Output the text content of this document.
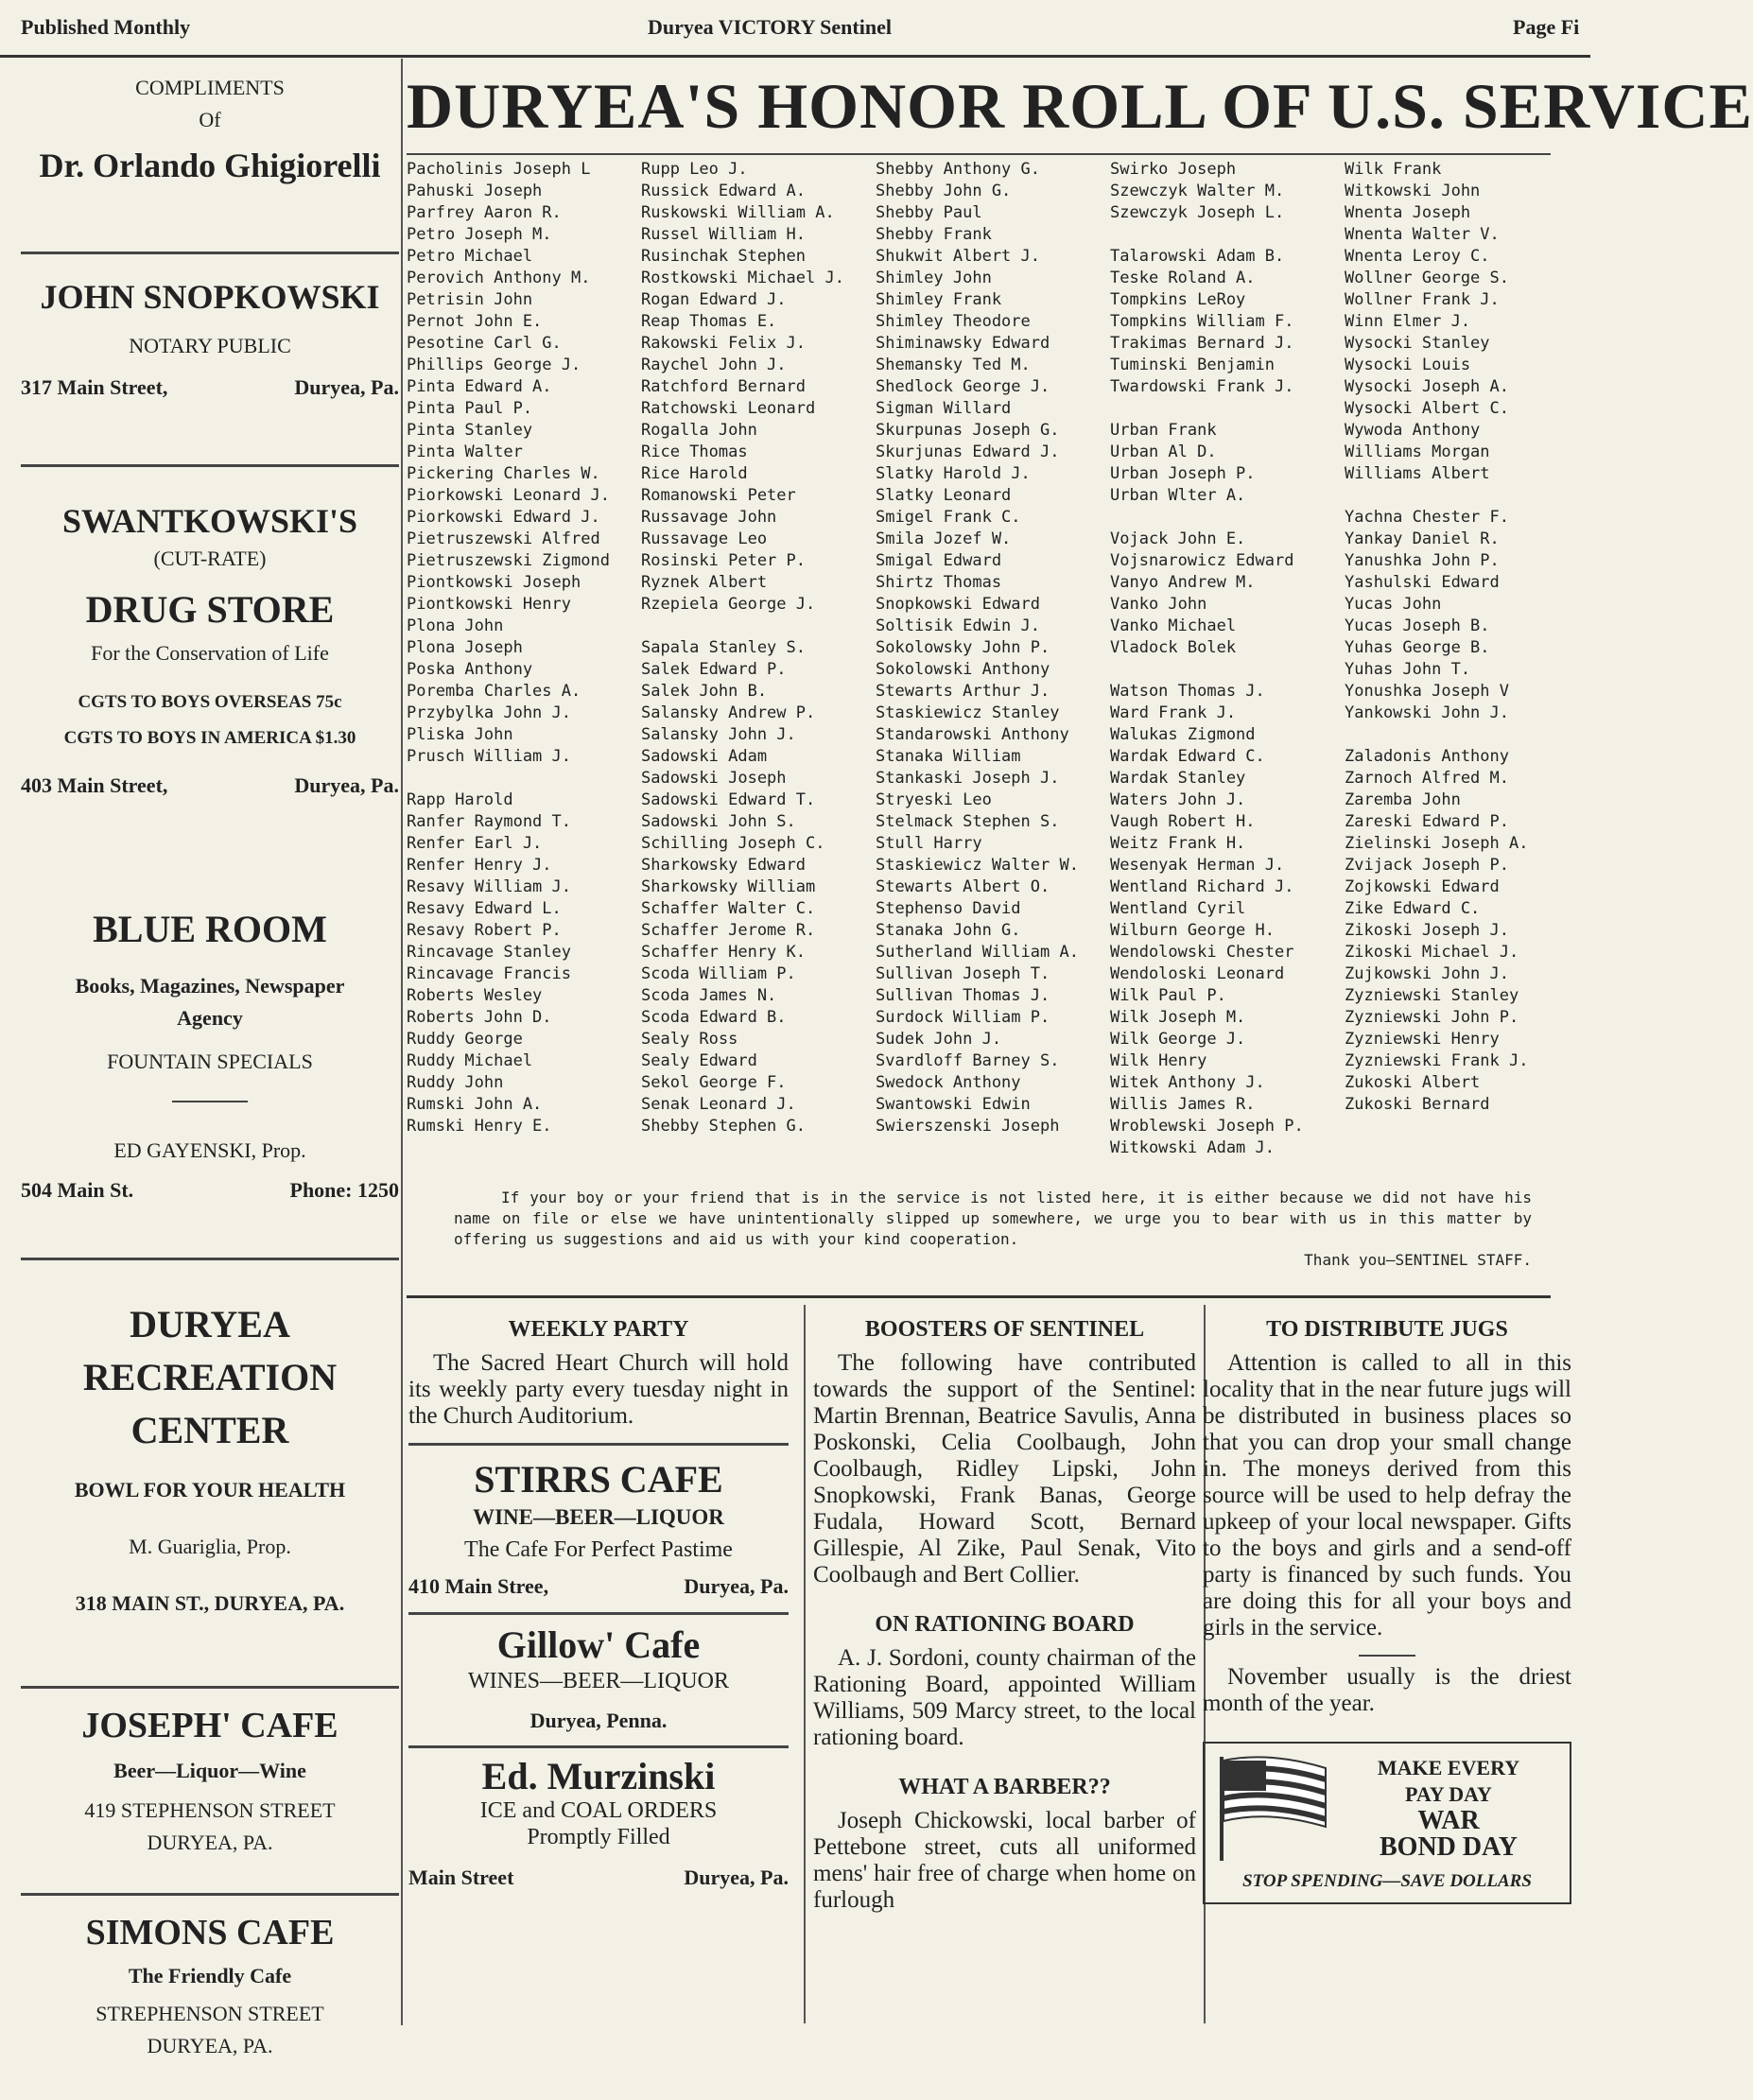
Published Monthly	Duryea VICTORY Sentinel	Page Fi
COMPLIMENTS
Of
Dr. Orlando Ghigiorelli
JOHN SNOPKOWSKI
NOTARY PUBLIC
317 Main Street,	Duryea, Pa.
SWANTKOWSKI'S
(CUT-RATE)
DRUG STORE
For the Conservation of Life
CGTS TO BOYS OVERSEAS 75c
CGTS TO BOYS IN AMERICA $1.30
403 Main Street,	Duryea, Pa.
BLUE ROOM
Books, Magazines, Newspaper
Agency
FOUNTAIN SPECIALS
ED GAYENSKI, Prop.
504 Main St.	Phone: 1250
DURYEA
RECREATION
CENTER
BOWL FOR YOUR HEALTH
M. Guariglia, Prop.
318 MAIN ST., DURYEA, PA.
JOSEPH' CAFE
Beer—Liquor—Wine
419 STEPHENSON STREET
DURYEA, PA.
SIMONS CAFE
The Friendly Cafe
STREPHENSON STREET
DURYEA, PA.
DURYEA'S HONOR ROLL OF U.S. SERVICE
Pacholinis Joseph L
Pahuski Joseph
Parfrey Aaron R.
Petro Joseph M.
Petro Michael
Perovich Anthony M.
Petrisin John
Pernot John E.
Pesotine Carl G.
Phillips George J.
Pinta Edward A.
Pinta Paul P.
Pinta Stanley
Pinta Walter
Pickering Charles W.
Piorkowski Leonard J.
Piorkowski Edward J.
Pietruszewski Alfred
Pietruszewski Zigmond
Piontkowski Joseph
Piontkowski Henry
Plona John
Plona Joseph
Poska Anthony
Poremba Charles A.
Przybylka John J.
Pliska John
Prusch William J.
Rapp Harold
Ranfer Raymond T.
Renfer Earl J.
Renfer Henry J.
Resavy William J.
Resavy Edward L.
Resavy Robert P.
Rincavage Stanley
Rincavage Francis
Roberts Wesley
Roberts John D.
Ruddy George
Ruddy Michael
Ruddy John
Rumski John A.
Rumski Henry E.
Rupp Leo J.
Russick Edward A.
Ruskowski William A.
Russel William H.
Rusinchak Stephen
Rostkowski Michael J.
Rogan Edward J.
Reap Thomas E.
Rakowski Felix J.
Raychel John J.
Ratchford Bernard
Ratchowski Leonard
Rogalla John
Rice Thomas
Rice Harold
Romanowski Peter
Russavage John
Russavage Leo
Rosinski Peter P.
Ryznek Albert
Rzepiela George J.
Sapala Stanley S.
Salek Edward P.
Salek John B.
Salansky Andrew P.
Salansky John J.
Sadowski Adam
Sadowski Joseph
Sadowski Edward T.
Sadowski John S.
Schilling Joseph C.
Sharkowsky Edward
Sharkowsky William
Schaffer Walter C.
Schaffer Jerome R.
Schaffer Henry K.
Scoda William P.
Scoda James N.
Scoda Edward B.
Sealy Ross
Sealy Edward
Sekol George F.
Senak Leonard J.
Shebby Stephen G.
Shebby Anthony G.
Shebby John G.
Shebby Paul
Shebby Frank
Shukwit Albert J.
Shimley John
Shimley Frank
Shimley Theodore
Shiminawsky Edward
Shemansky Ted M.
Shedlock George J.
Sigman Willard
Skurpunas Joseph G.
Skurjunas Edward J.
Slatky Harold J.
Slatky Leonard
Smigel Frank C.
Smila Jozef W.
Smigal Edward
Shirtz Thomas
Snopkowski Edward
Soltisik Edwin J.
Sokolowsky John P.
Sokolowski Anthony
Stewarts Arthur J.
Staskiewicz Stanley
Standarowski Anthony
Stanaka William
Stankaski Joseph J.
Stryeski Leo
Stelmack Stephen S.
Stull Harry
Staskiewicz Walter W.
Stewarts Albert O.
Stephenso David
Stanaka John G.
Sutherland William A.
Sullivan Joseph T.
Sullivan Thomas J.
Surdock William P.
Sudek John J.
Svardloff Barney S.
Swedock Anthony
Swantowski Edwin
Swierszenski Joseph
Swirko Joseph
Szewczyk Walter M.
Szewczyk Joseph L.
Talarowski Adam B.
Teske Roland A.
Tompkins LeRoy
Tompkins William F.
Trakimas Bernard J.
Tuminski Benjamin
Twardowski Frank J.
Urban Frank
Urban Al D.
Urban Joseph P.
Urban Wlter A.
Vojack John E.
Vojsnarowicz Edward
Vanyo Andrew M.
Vanko John
Vanko Michael
Vladock Bolek
Watson Thomas J.
Ward Frank J.
Walukas Zigmond
Wardak Edward C.
Wardak Stanley
Waters John J.
Vaugh Robert H.
Weitz Frank H.
Wesenyak Herman J.
Wentland Richard J.
Wentland Cyril
Wilburn George H.
Wendolowski Chester
Wendoloski Leonard
Wilk Paul P.
Wilk Joseph M.
Wilk George J.
Wilk Henry
Witek Anthony J.
Willis James R.
Wroblewski Joseph P.
Witkowski Adam J.
Wilk Frank
Witkowski John
Wnenta Joseph
Wnenta Walter V.
Wnenta Leroy C.
Wollner George S.
Wollner Frank J.
Winn Elmer J.
Wysocki Stanley
Wysocki Louis
Wysocki Joseph A.
Wysocki Albert C.
Wywoda Anthony
Williams Morgan
Williams Albert
Yachna Chester F.
Yankay Daniel R.
Yanushka John P.
Yashulski Edward
Yucas John
Yucas Joseph B.
Yuhas George B.
Yuhas John T.
Yonushka Joseph V
Yankowski John J.
Zaladonis Anthony
Zarnoch Alfred M.
Zaremba John
Zareski Edward P.
Zielinski Joseph A.
Zvijack Joseph P.
Zojkowski Edward
Zike Edward C.
Zikoski Joseph J.
Zikoski Michael J.
Zujkowski John J.
Zyzniewski Stanley
Zyzniewski John P.
Zyzniewski Henry
Zyzniewski Frank J.
Zukoski Albert
Zukoski Bernard
If your boy or your friend that is in the service is not listed here, it is either because we did not have his name on file or else we have unintentionally slipped up somewhere, we urge you to bear with us in this matter by offering us suggestions and aid us with your kind cooperation.
Thank you—SENTINEL STAFF.
WEEKLY PARTY
The Sacred Heart Church will hold its weekly party every tuesday night in the Church Auditorium.
STIRRS CAFE
WINE—BEER—LIQUOR
The Cafe For Perfect Pastime
410 Main Stree,	Duryea, Pa.
Gillow' Cafe
WINES—BEER—LIQUOR
Duryea, Penna.
Ed. Murzinski
ICE and COAL ORDERS
Promptly Filled
Main Street	Duryea, Pa.
BOOSTERS OF SENTINEL
The following have contributed towards the support of the Sentinel: Martin Brennan, Beatrice Savulis, Anna Poskonski, Celia Coolbaugh, John Coolbaugh, Ridley Lipski, John Snopkowski, Frank Banas, George Fudala, Howard Scott, Bernard Gillespie, Al Zike, Paul Senak, Vito Coolbaugh and Bert Collier.
ON RATIONING BOARD
A. J. Sordoni, county chairman of the Rationing Board, appointed William Williams, 509 Marcy street, to the local rationing board.
WHAT A BARBER??
Joseph Chickowski, local barber of Pettebone street, cuts all uniformed mens' hair free of charge when home on furlough
TO DISTRIBUTE JUGS
Attention is called to all in this locality that in the near future jugs will be distributed in business places so that you can drop your small change in. The moneys derived from this source will be used to help defray the upkeep of your local newspaper. Gifts to the boys and girls and a send-off party is financed by such funds. You are doing this for all your boys and girls in the service.
November usually is the driest month of the year.
MAKE EVERY
PAY DAY
WAR
BOND DAY
STOP SPENDING—SAVE DOLLARS
